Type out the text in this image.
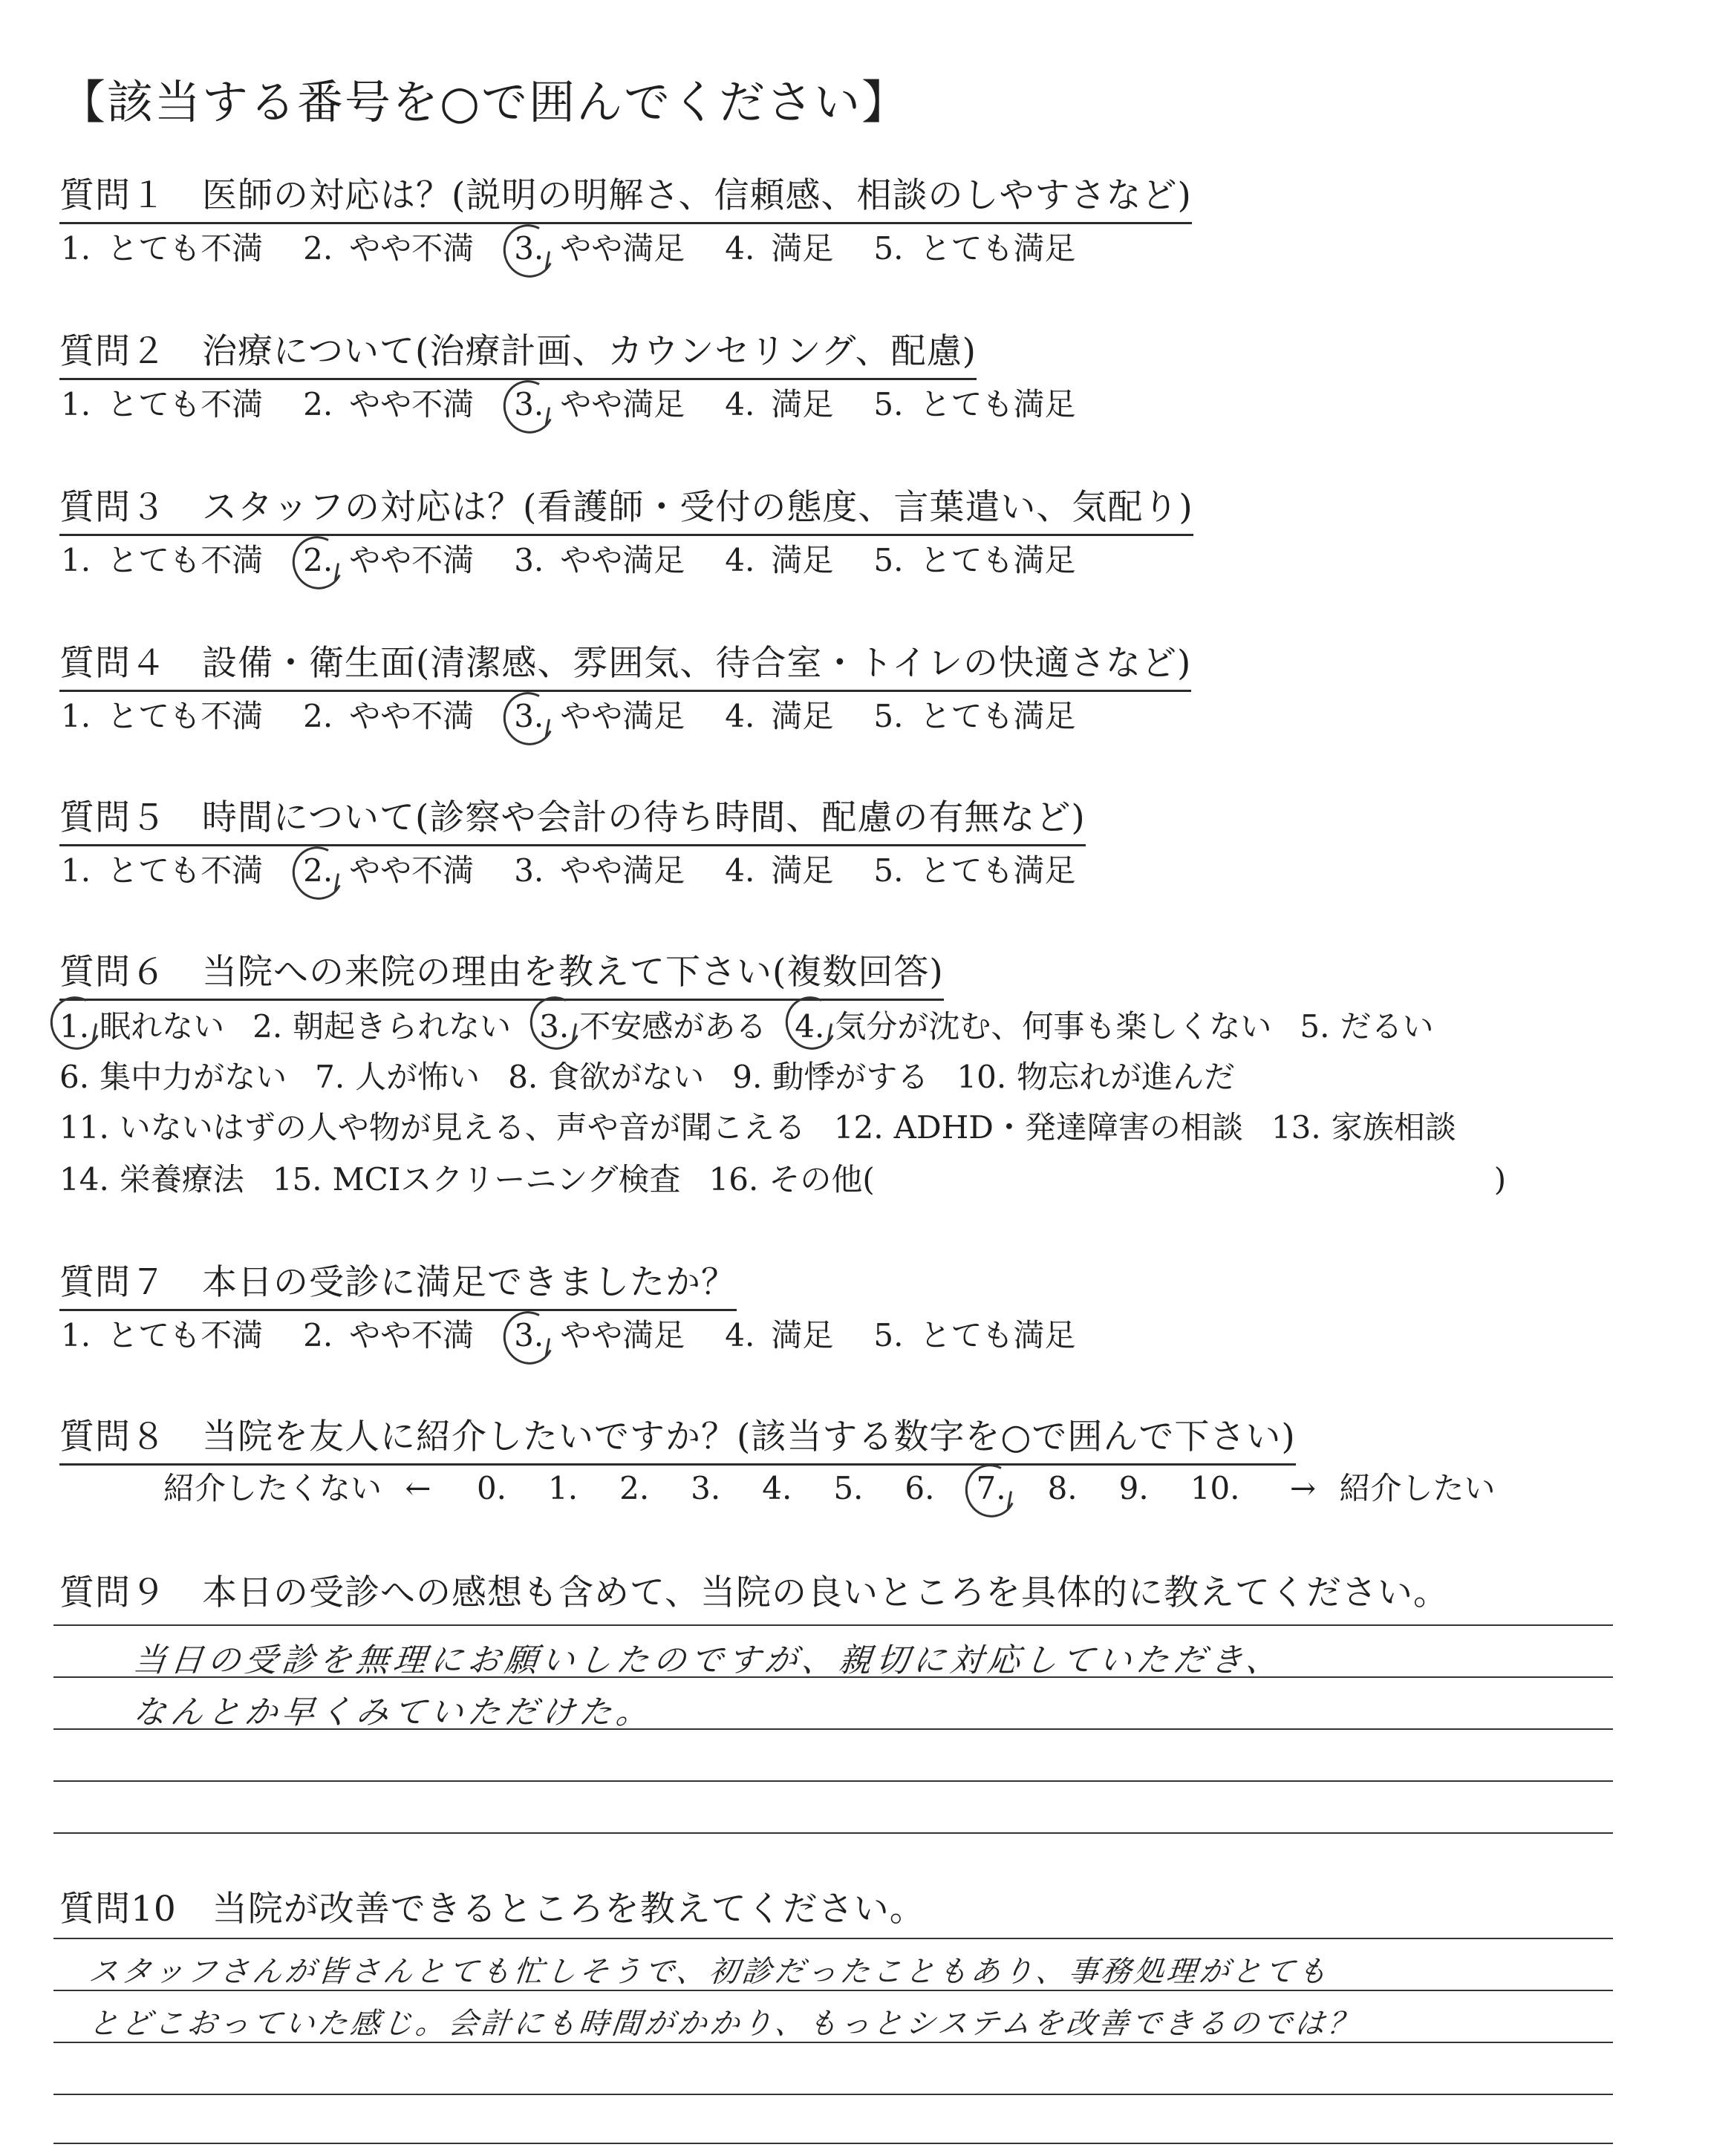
【該当する番号を○で囲んでください】
質問１　医師の対応は？(説明の明解さ、信頼感、相談のしやすさなど)
1. とても不満 2. やや不満 3. やや満足 4. 満足 5. とても満足
質問２　治療について(治療計画、カウンセリング、配慮)
1. とても不満 2. やや不満 3. やや満足 4. 満足 5. とても満足
質問３　スタッフの対応は？(看護師・受付の態度、言葉遣い、気配り)
1. とても不満 2. やや不満 3. やや満足 4. 満足 5. とても満足
質問４　設備・衛生面(清潔感、雰囲気、待合室・トイレの快適さなど)
1. とても不満 2. やや不満 3. やや満足 4. 満足 5. とても満足
質問５　時間について(診察や会計の待ち時間、配慮の有無など)
1. とても不満 2. やや不満 3. やや満足 4. 満足 5. とても満足
質問６　当院への来院の理由を教えて下さい(複数回答)
1. 眠れない 2. 朝起きられない 3. 不安感がある 4. 気分が沈む、何事も楽しくない 5. だるい
6. 集中力がない 7. 人が怖い 8. 食欲がない 9. 動悸がする 10. 物忘れが進んだ
11. いないはずの人や物が見える、声や音が聞こえる 12. ADHD・発達障害の相談 13. 家族相談
14. 栄養療法 15. MCIスクリーニング検査 16. その他(	)
質問７　本日の受診に満足できましたか？
1. とても不満 2. やや不満 3. やや満足 4. 満足 5. とても満足
質問８　当院を友人に紹介したいですか？(該当する数字を○で囲んで下さい)
紹介したくない ← 0. 1. 2. 3. 4. 5. 6. 7. 8. 9. 10. → 紹介したい
質問９　本日の受診への感想も含めて、当院の良いところを具体的に教えてください。
当日の受診を無理にお願いしたのですが、親切に対応していただき、
なんとか早くみていただけた。
質問10　当院が改善できるところを教えてください。
スタッフさんが皆さんとても忙しそうで、初診だったこともあり、事務処理がとても
とどこおっていた感じ。会計にも時間がかかり、もっとシステムを改善できるのでは？
